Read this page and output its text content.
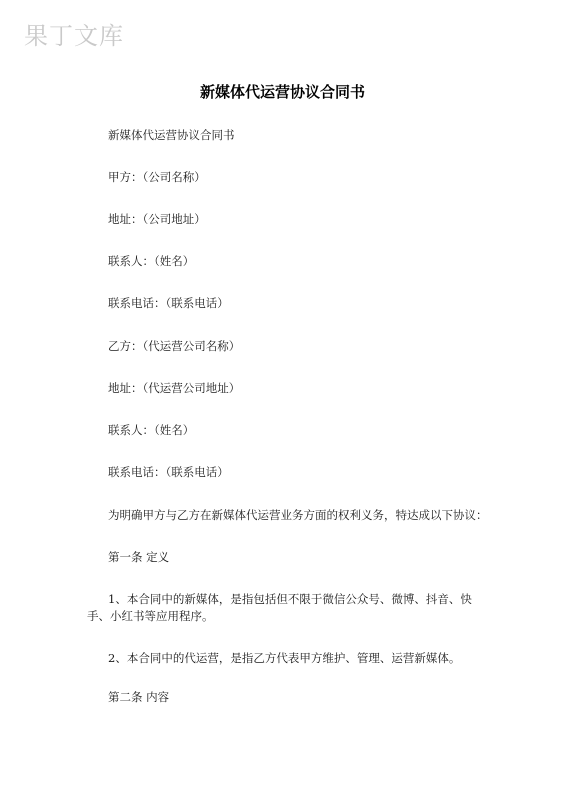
果丁文库
新媒体代运营协议合同书
新媒体代运营协议合同书
甲方：（公司名称）
地址：（公司地址）
联系人：（姓名）
联系电话：（联系电话）
乙方：（代运营公司名称）
地址：（代运营公司地址）
联系人：（姓名）
联系电话：（联系电话）
为明确甲方与乙方在新媒体代运营业务方面的权利义务，特达成以下协议：
第一条 定义
1、本合同中的新媒体，是指包括但不限于微信公众号、微博、抖音、快手、小红书等应用程序。
2、本合同中的代运营，是指乙方代表甲方维护、管理、运营新媒体。
第二条 内容
